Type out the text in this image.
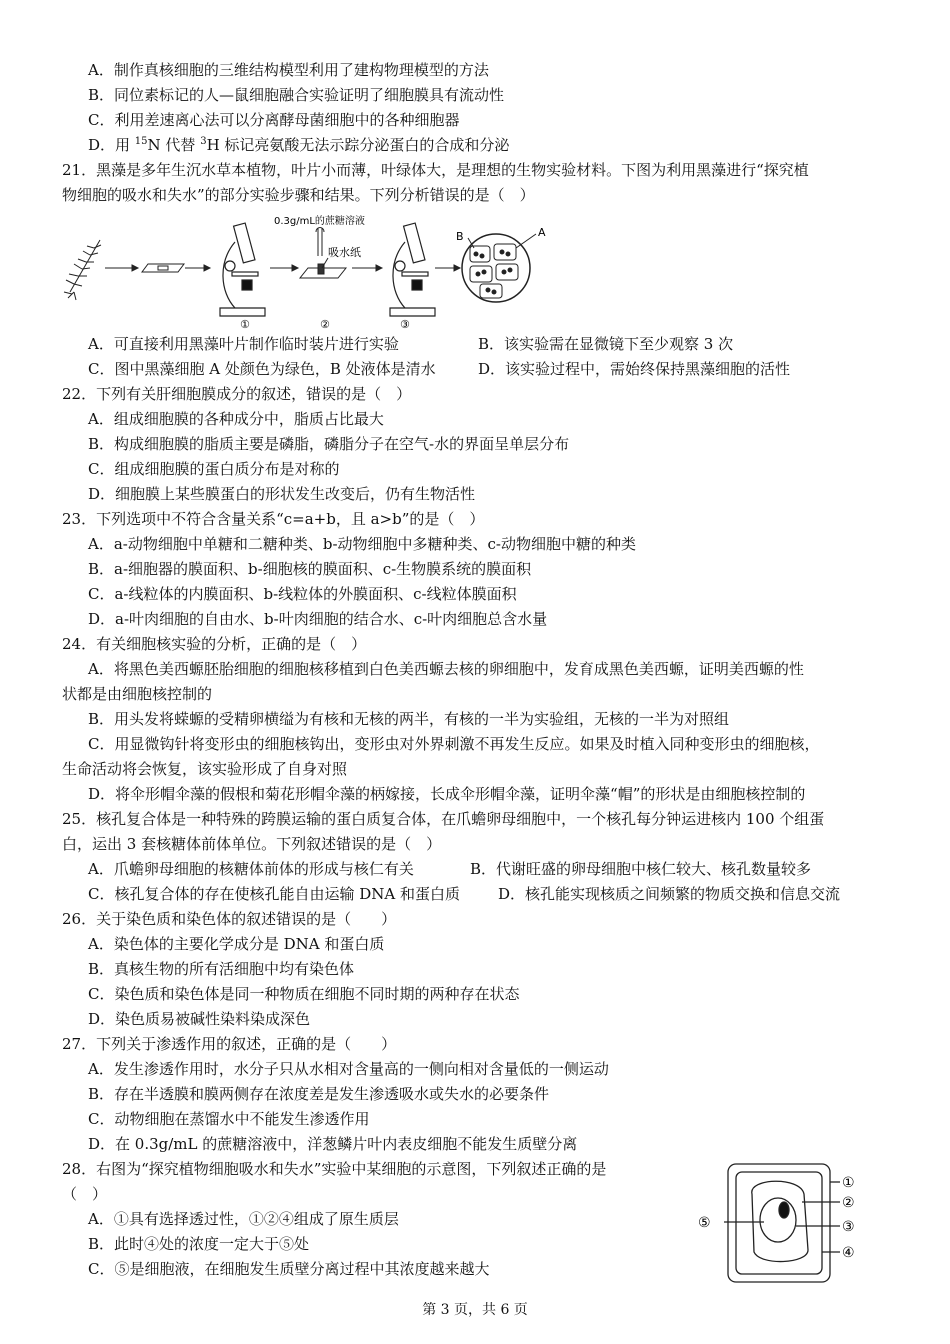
A．制作真核细胞的三维结构模型利用了建构物理模型的方法
B．同位素标记的人—鼠细胞融合实验证明了细胞膜具有流动性
C．利用差速离心法可以分离酵母菌细胞中的各种细胞器
D．用 $^{15}$N 代替 $^3$H 标记亮氨酸无法示踪分泌蛋白的合成和分泌
21．黑藻是多年生沉水草本植物，叶片小而薄，叶绿体大，是理想的生物实验材料。下图为利用黑藻进行“探究植
物细胞的吸水和失水”的部分实验步骤和结果。下列分析错误的是（　）
①
0.3g/mL的蔗糖溶液
吸水纸
②	③
B	A
A．可直接利用黑藻叶片制作临时装片进行实验	B．该实验需在显微镜下至少观察 3 次
C．图中黑藻细胞 A 处颜色为绿色，B 处液体是清水	D．该实验过程中，需始终保持黑藻细胞的活性
22．下列有关肝细胞膜成分的叙述，错误的是（　）
A．组成细胞膜的各种成分中，脂质占比最大
B．构成细胞膜的脂质主要是磷脂，磷脂分子在空气-水的界面呈单层分布
C．组成细胞膜的蛋白质分布是对称的
D．细胞膜上某些膜蛋白的形状发生改变后，仍有生物活性
23．下列选项中不符合含量关系“c=a+b，且 a>b”的是（　）
A．a-动物细胞中单糖和二糖种类、b-动物细胞中多糖种类、c-动物细胞中糖的种类
B．a-细胞器的膜面积、b-细胞核的膜面积、c-生物膜系统的膜面积
C．a-线粒体的内膜面积、b-线粒体的外膜面积、c-线粒体膜面积
D．a-叶肉细胞的自由水、b-叶肉细胞的结合水、c-叶肉细胞总含水量
24．有关细胞核实验的分析，正确的是（　）
A．将黑色美西螈胚胎细胞的细胞核移植到白色美西螈去核的卵细胞中，发育成黑色美西螈，证明美西螈的性
状都是由细胞核控制的
B．用头发将蝾螈的受精卵横缢为有核和无核的两半，有核的一半为实验组，无核的一半为对照组
C．用显微钩针将变形虫的细胞核钩出，变形虫对外界刺激不再发生反应。如果及时植入同种变形虫的细胞核，
生命活动将会恢复，该实验形成了自身对照
D．将伞形帽伞藻的假根和菊花形帽伞藻的柄嫁接，长成伞形帽伞藻，证明伞藻“帽”的形状是由细胞核控制的
25．核孔复合体是一种特殊的跨膜运输的蛋白质复合体，在爪蟾卵母细胞中，一个核孔每分钟运进核内 100 个组蛋
白，运出 3 套核糖体前体单位。下列叙述错误的是（　）
A．爪蟾卵母细胞的核糖体前体的形成与核仁有关	B．代谢旺盛的卵母细胞中核仁较大、核孔数量较多
C．核孔复合体的存在使核孔能自由运输 DNA 和蛋白质	D．核孔能实现核质之间频繁的物质交换和信息交流
26．关于染色质和染色体的叙述错误的是（　　）
A．染色体的主要化学成分是 DNA 和蛋白质
B．真核生物的所有活细胞中均有染色体
C．染色质和染色体是同一种物质在细胞不同时期的两种存在状态
D．染色质易被碱性染料染成深色
27．下列关于渗透作用的叙述，正确的是（　　）
A．发生渗透作用时，水分子只从水相对含量高的一侧向相对含量低的一侧运动
B．存在半透膜和膜两侧存在浓度差是发生渗透吸水或失水的必要条件
C．动物细胞在蒸馏水中不能发生渗透作用
D．在 0.3g/mL 的蔗糖溶液中，洋葱鳞片叶内表皮细胞不能发生质壁分离
28．右图为“探究植物细胞吸水和失水”实验中某细胞的示意图，下列叙述正确的是
（　）
A．①具有选择透过性，①②④组成了原生质层
B．此时④处的浓度一定大于⑤处
C．⑤是细胞液，在细胞发生质壁分离过程中其浓度越来越大
⑤
①
②
③
④
第 3 页，共 6 页
